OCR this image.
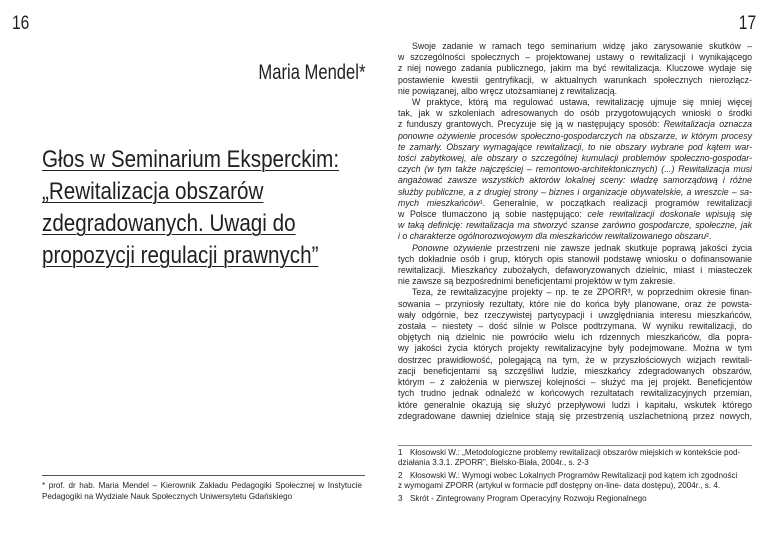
16
Maria Mendel*
Głos w Seminarium Eksperckim:
„Rewitalizacja obszarów
zdegradowanych. Uwagi do
propozycji regulacji prawnych”
* prof. dr hab. Maria Mendel – Kierownik Zakładu Pedagogiki Społecznej w Instytucie
Pedagogiki na Wydziale Nauk Społecznych Uniwersytetu Gdańskiego
17
Swoje zadanie w ramach tego seminarium widzę jako zarysowanie skutków –
w szczególności społecznych – projektowanej ustawy o rewitalizacji i wynikającego
z niej nowego zadania publicznego, jakim ma być rewitalizacja. Kluczowe wydaje się
postawienie kwestii gentryfikacji, w aktualnych warunkach społecznych nierozłącz-
nie powiązanej, albo wręcz utożsamianej z rewitalizacją.
W praktyce, którą ma regulować ustawa, rewitalizację ujmuje się mniej więcej
tak, jak w szkoleniach adresowanych do osób przygotowujących wnioski o środki
z funduszy grantowych. Precyzuje się ją w następujący sposób: Rewitalizacja oznacza
ponowne ożywienie procesów społeczno-gospodarczych na obszarze, w którym procesy
te zamarły. Obszary wymagające rewitalizacji, to nie obszary wybrane pod kątem war-
tości zabytkowej, ale obszary o szczególnej kumulacji problemów społeczno-gospodar-
czych (w tym także najczęściej – remontowo-architektonicznych) (...) Rewitalizacja musi
angażować zawsze wszystkich aktorów lokalnej sceny: władzę samorządową i różne
służby publiczne, a z drugiej strony – biznes i organizacje obywatelskie, a wreszcie – sa-
mych mieszkańców¹. Generalnie, w początkach realizacji programów rewitalizacji
w Polsce tłumaczono ją sobie następująco: cele rewitalizacji doskonale wpisują się
w taką definicję: rewitalizacja ma stworzyć szanse zarówno gospodarcze, społeczne, jak
i o charakterze ogólnorozwojowym dla mieszkańców rewitalizowanego obszaru².
Ponowne ożywienie przestrzeni nie zawsze jednak skutkuje poprawą jakości życia
tych dokładnie osób i grup, których opis stanowił podstawę wniosku o dofinansowanie
rewitalizacji. Mieszkańcy zubożałych, defaworyzowanych dzielnic, miast i miasteczek
nie zawsze są bezpośrednimi beneficjentami projektów w tym zakresie.
Teza, że rewitalizacyjne projekty – np. te ze ZPORR³, w poprzednim okresie finan-
sowania – przyniosły rezultaty, które nie do końca były planowane, oraz że powsta-
wały odgórnie, bez rzeczywistej partycypacji i uwzględniania interesu mieszkańców,
została – niestety – dość silnie w Polsce podtrzymana. W wyniku rewitalizacji, do
objętych nią dzielnic nie powróciło wielu ich rdzennych mieszkańców, dla popra-
wy jakości życia których projekty rewitalizacyjne były podejmowane. Można w tym
dostrzec prawidłowość, polegającą na tym, że w przyszłościowych wizjach rewitali-
zacji beneficjentami są szczęśliwi ludzie, mieszkańcy zdegradowanych obszarów,
którym – z założenia w pierwszej kolejności – służyć ma jej projekt. Beneficjentów
tych trudno jednak odnaleźć w końcowych rezultatach rewitalizacyjnych przemian,
które generalnie okazują się służyć przepływowi ludzi i kapitału, wskutek którego
zdegradowane dawniej dzielnice stają się przestrzenią uszlachetnioną przez nowych,
1 Kłosowski W.: „Metodologiczne problemy rewitalizacji obszarów miejskich w kontekście pod-
działania 3.3.1. ZPORR”, Bielsko-Biała, 2004r., s. 2-3
2 Kłosowski W.: Wymogi wobec Lokalnych Programów Rewitalizacji pod kątem ich zgodności
z wymogami ZPORR (artykuł w formacie pdf dostępny on-line- data dostępu), 2004r., s. 4.
3 Skrót - Zintegrowany Program Operacyjny Rozwoju Regionalnego
